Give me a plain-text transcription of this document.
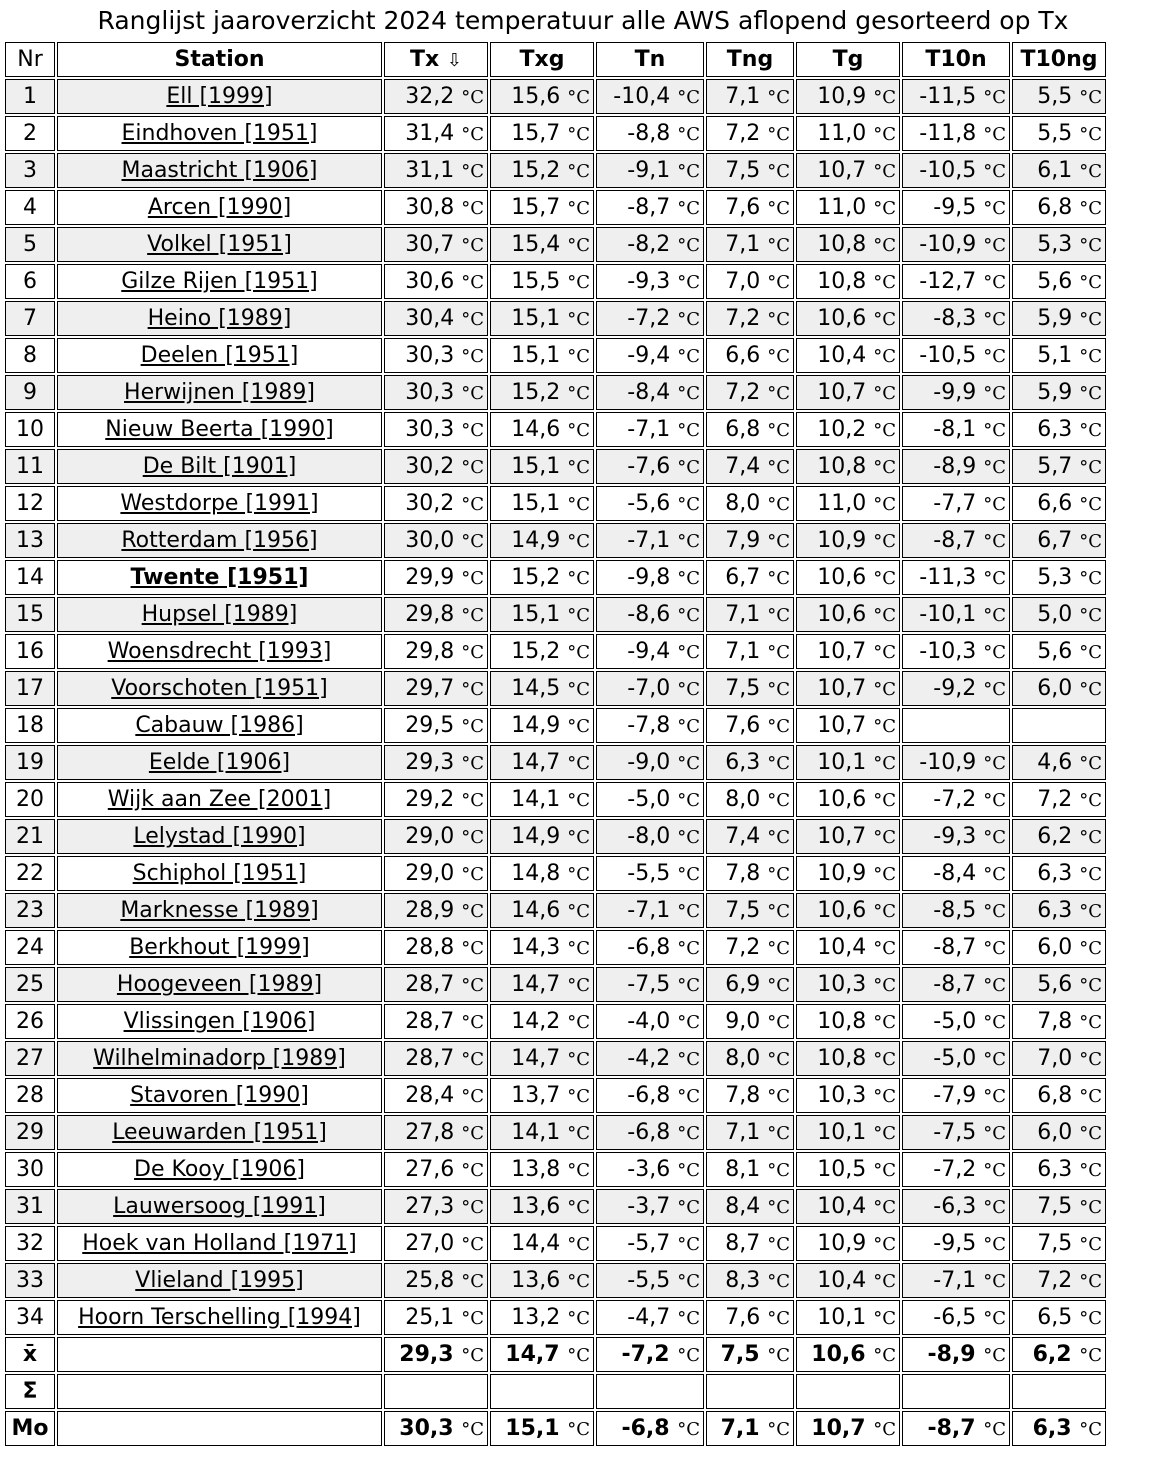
Ranglijst jaaroverzicht 2024 temperatuur alle AWS aflopend gesorteerd op Tx
Nr	Station	Tx ⇩	Txg	Tn	Tng	Tg	T10n	T10ng
1	Ell [1999]	32,2 °C	15,6 °C	-10,4 °C	7,1 °C	10,9 °C	-11,5 °C	5,5 °C
2	Eindhoven [1951]	31,4 °C	15,7 °C	-8,8 °C	7,2 °C	11,0 °C	-11,8 °C	5,5 °C
3	Maastricht [1906]	31,1 °C	15,2 °C	-9,1 °C	7,5 °C	10,7 °C	-10,5 °C	6,1 °C
4	Arcen [1990]	30,8 °C	15,7 °C	-8,7 °C	7,6 °C	11,0 °C	-9,5 °C	6,8 °C
5	Volkel [1951]	30,7 °C	15,4 °C	-8,2 °C	7,1 °C	10,8 °C	-10,9 °C	5,3 °C
6	Gilze Rijen [1951]	30,6 °C	15,5 °C	-9,3 °C	7,0 °C	10,8 °C	-12,7 °C	5,6 °C
7	Heino [1989]	30,4 °C	15,1 °C	-7,2 °C	7,2 °C	10,6 °C	-8,3 °C	5,9 °C
8	Deelen [1951]	30,3 °C	15,1 °C	-9,4 °C	6,6 °C	10,4 °C	-10,5 °C	5,1 °C
9	Herwijnen [1989]	30,3 °C	15,2 °C	-8,4 °C	7,2 °C	10,7 °C	-9,9 °C	5,9 °C
10	Nieuw Beerta [1990]	30,3 °C	14,6 °C	-7,1 °C	6,8 °C	10,2 °C	-8,1 °C	6,3 °C
11	De Bilt [1901]	30,2 °C	15,1 °C	-7,6 °C	7,4 °C	10,8 °C	-8,9 °C	5,7 °C
12	Westdorpe [1991]	30,2 °C	15,1 °C	-5,6 °C	8,0 °C	11,0 °C	-7,7 °C	6,6 °C
13	Rotterdam [1956]	30,0 °C	14,9 °C	-7,1 °C	7,9 °C	10,9 °C	-8,7 °C	6,7 °C
14	Twente [1951]	29,9 °C	15,2 °C	-9,8 °C	6,7 °C	10,6 °C	-11,3 °C	5,3 °C
15	Hupsel [1989]	29,8 °C	15,1 °C	-8,6 °C	7,1 °C	10,6 °C	-10,1 °C	5,0 °C
16	Woensdrecht [1993]	29,8 °C	15,2 °C	-9,4 °C	7,1 °C	10,7 °C	-10,3 °C	5,6 °C
17	Voorschoten [1951]	29,7 °C	14,5 °C	-7,0 °C	7,5 °C	10,7 °C	-9,2 °C	6,0 °C
18	Cabauw [1986]	29,5 °C	14,9 °C	-7,8 °C	7,6 °C	10,7 °C		
19	Eelde [1906]	29,3 °C	14,7 °C	-9,0 °C	6,3 °C	10,1 °C	-10,9 °C	4,6 °C
20	Wijk aan Zee [2001]	29,2 °C	14,1 °C	-5,0 °C	8,0 °C	10,6 °C	-7,2 °C	7,2 °C
21	Lelystad [1990]	29,0 °C	14,9 °C	-8,0 °C	7,4 °C	10,7 °C	-9,3 °C	6,2 °C
22	Schiphol [1951]	29,0 °C	14,8 °C	-5,5 °C	7,8 °C	10,9 °C	-8,4 °C	6,3 °C
23	Marknesse [1989]	28,9 °C	14,6 °C	-7,1 °C	7,5 °C	10,6 °C	-8,5 °C	6,3 °C
24	Berkhout [1999]	28,8 °C	14,3 °C	-6,8 °C	7,2 °C	10,4 °C	-8,7 °C	6,0 °C
25	Hoogeveen [1989]	28,7 °C	14,7 °C	-7,5 °C	6,9 °C	10,3 °C	-8,7 °C	5,6 °C
26	Vlissingen [1906]	28,7 °C	14,2 °C	-4,0 °C	9,0 °C	10,8 °C	-5,0 °C	7,8 °C
27	Wilhelminadorp [1989]	28,7 °C	14,7 °C	-4,2 °C	8,0 °C	10,8 °C	-5,0 °C	7,0 °C
28	Stavoren [1990]	28,4 °C	13,7 °C	-6,8 °C	7,8 °C	10,3 °C	-7,9 °C	6,8 °C
29	Leeuwarden [1951]	27,8 °C	14,1 °C	-6,8 °C	7,1 °C	10,1 °C	-7,5 °C	6,0 °C
30	De Kooy [1906]	27,6 °C	13,8 °C	-3,6 °C	8,1 °C	10,5 °C	-7,2 °C	6,3 °C
31	Lauwersoog [1991]	27,3 °C	13,6 °C	-3,7 °C	8,4 °C	10,4 °C	-6,3 °C	7,5 °C
32	Hoek van Holland [1971]	27,0 °C	14,4 °C	-5,7 °C	8,7 °C	10,9 °C	-9,5 °C	7,5 °C
33	Vlieland [1995]	25,8 °C	13,6 °C	-5,5 °C	8,3 °C	10,4 °C	-7,1 °C	7,2 °C
34	Hoorn Terschelling [1994]	25,1 °C	13,2 °C	-4,7 °C	7,6 °C	10,1 °C	-6,5 °C	6,5 °C
x̄		29,3 °C	14,7 °C	-7,2 °C	7,5 °C	10,6 °C	-8,9 °C	6,2 °C
Σ								
Mo		30,3 °C	15,1 °C	-6,8 °C	7,1 °C	10,7 °C	-8,7 °C	6,3 °C
